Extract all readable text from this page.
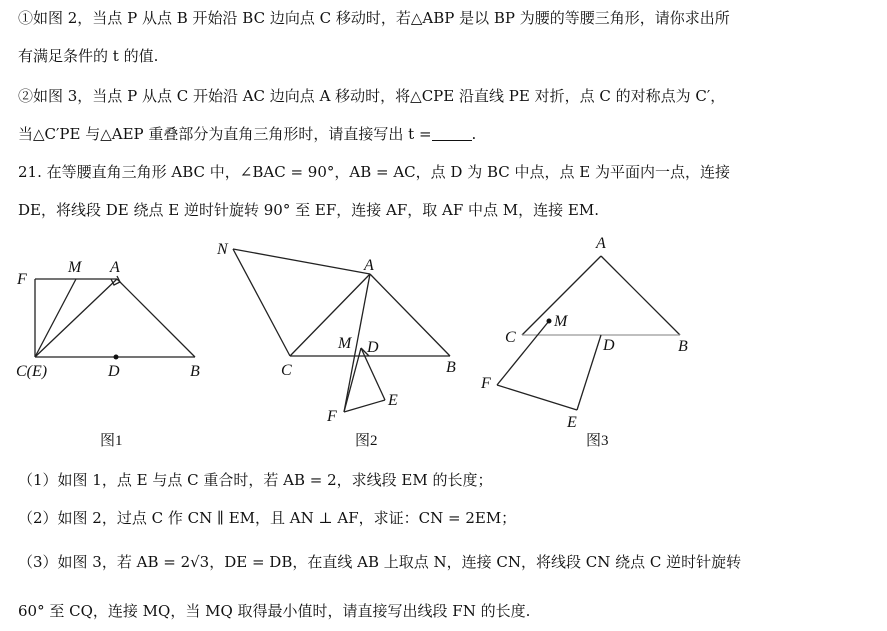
①如图 2，当点 P 从点 B 开始沿 BC 边向点 C 移动时，若△ABP 是以 BP 为腰的等腰三角形，请你求出所
有满足条件的 t 的值.
②如图 3，当点 P 从点 C 开始沿 AC 边向点 A 移动时，将△CPE 沿直线 PE 对折，点 C 的对称点为 C′，
当△C′PE 与△AEP 重叠部分为直角三角形时，请直接写出 t =	.
21. 在等腰直角三角形 ABC 中，∠BAC = 90°，AB = AC，点 D 为 BC 中点，点 E 为平面内一点，连接
DE，将线段 DE 绕点 E 逆时针旋转 90° 至 EF，连接 AF，取 AF 中点 M，连接 EM.
F
M A
C(E)	D	B
图1
N
A
M D
C	B
E
F
图2
A
C
M
D	B
F
E
图3
（1）如图 1，点 E 与点 C 重合时，若 AB = 2，求线段 EM 的长度；
（2）如图 2，过点 C 作 CN ∥ EM，且 AN ⊥ AF，求证：CN = 2EM；
（3）如图 3，若 AB = 2√3，DE = DB，在直线 AB 上取点 N，连接 CN，将线段 CN 绕点 C 逆时针旋转
60° 至 CQ，连接 MQ，当 MQ 取得最小值时，请直接写出线段 FN 的长度.
